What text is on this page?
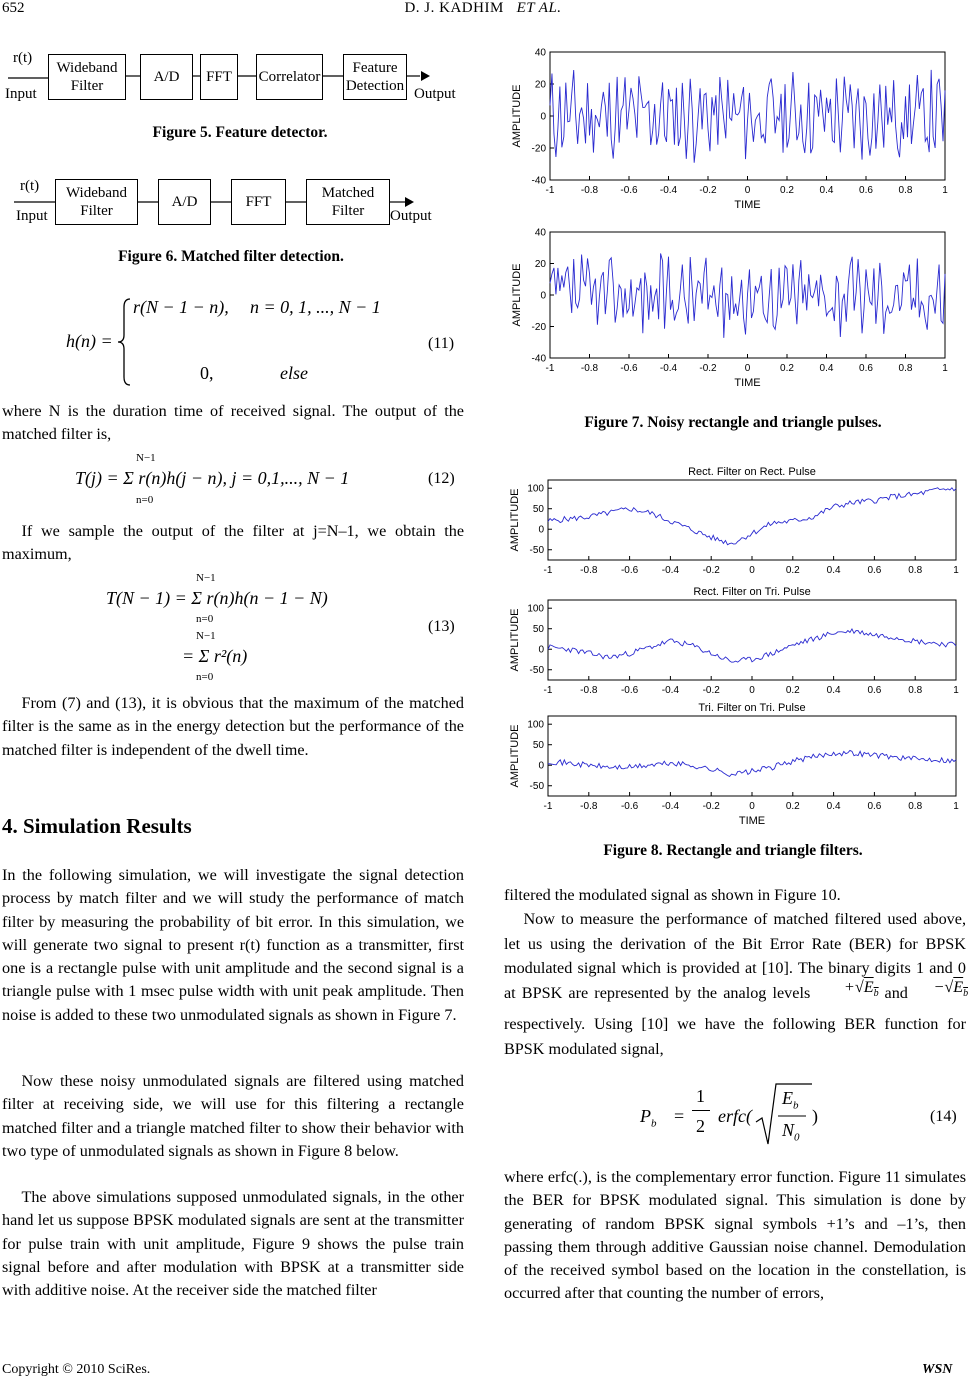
652	D. J. KADHIM ET AL.
r(t)
Input
Wideband Filter
A/D	FFT	Correlator
Feature Detection Output
Figure 5. Feature detector.
r(t)
Input
Wideband Filter
A/D	FFT
Matched Filter	Output
Figure 6. Matched filter detection.
h(n) =
r(N − 1 − n), n = 0, 1, ..., N − 1
0,	else
(11)

where N is the duration time of received signal. The output of the matched filter is,

N−1
T(j) = Σ r(n)h(j − n), j = 0,1,..., N − 1
n=0
(12)

If we sample the output of the filter at j=N–1, we obtain the maximum,

N−1
T(N − 1) = Σ r(n)h(n − 1 − N)
n=0
N−1
= Σ r²(n)
n=0
(13)

From (7) and (13), it is obvious that the maximum of the matched filter is the same as in the energy detection but the performance of the matched filter is independent of the dwell time.

4. Simulation Results

In the following simulation, we will investigate the signal detection process by match filter and we will study the performance of match filter by measuring the probability of bit error. In this simulation, we will generate two signal to present r(t) function as a transmitter, first one is a rectangle pulse with unit amplitude and the second signal is a triangle pulse with 1 msec pulse width with unit peak amplitude. Then noise is added to these two unmodulated signals as shown in Figure 7.

Now these noisy unmodulated signals are filtered using matched filter at receiving side, we will use for this filtering a rectangle matched filter and a triangle matched filter to show their behavior with two type of unmodulated signals as shown in Figure 8 below.

The above simulations supposed unmodulated signals, in the other hand let us suppose BPSK modulated signals are sent at the transmitter for pulse train with unit amplitude, Figure 9 shows the pulse train signal before and after modulation with BPSK at a transmitter side with additive noise. At the receiver side the matched filter

-1	-0.8 -0.6 -0.4 -0.2	0	0.2	0.4	0.6	0.8	1
40
20
0
-20
-40
TIME
AMPLITUDE
-1	-0.8 -0.6 -0.4 -0.2	0	0.2	0.4	0.6	0.8	1
40
20
0
-20
-40
TIME
AMPLITUDE
Figure 7. Noisy rectangle and triangle pulses.
Rect. Filter on Rect. Pulse
-1	-0.8 -0.6 -0.4 -0.2	0	0.2	0.4	0.6	0.8	1
100
50
0
-50
AMPLITUDE
Rect. Filter on Tri. Pulse
-1	-0.8 -0.6 -0.4 -0.2	0	0.2	0.4	0.6	0.8	1
100
50
0
-50
AMPLITUDE
Tri. Filter on Tri. Pulse
-1	-0.8 -0.6 -0.4 -0.2	0	0.2	0.4	0.6	0.8	1
100
50
0
-50
TIME
AMPLITUDE
Figure 8. Rectangle and triangle filters.

filtered the modulated signal as shown in Figure 10.

Now to measure the performance of matched filtered used above, let us using the derivation of the Bit Error Rate (BER) for BPSK modulated signal which is provided at [10]. The binary digits 1 and 0 at BPSK are represented by the analog levels   $+√E_b$ and $-√E_b$ respectively. Using [10] we have the following BER function for BPSK modulated signal,

$P_b$ =
1
2 erfc(
$E_b$
$N_0$
)	(14)

where erfc(.), is the complementary error function. Figure 11 simulates the BER for BPSK modulated signal. This simulation is done by generating of random BPSK signal symbols +1’s and –1’s, then passing them through additive Gaussian noise channel. Demodulation of the received symbol based on the location in the constellation, is occurred after that counting the number of errors,

Copyright © 2010 SciRes.	WSN
